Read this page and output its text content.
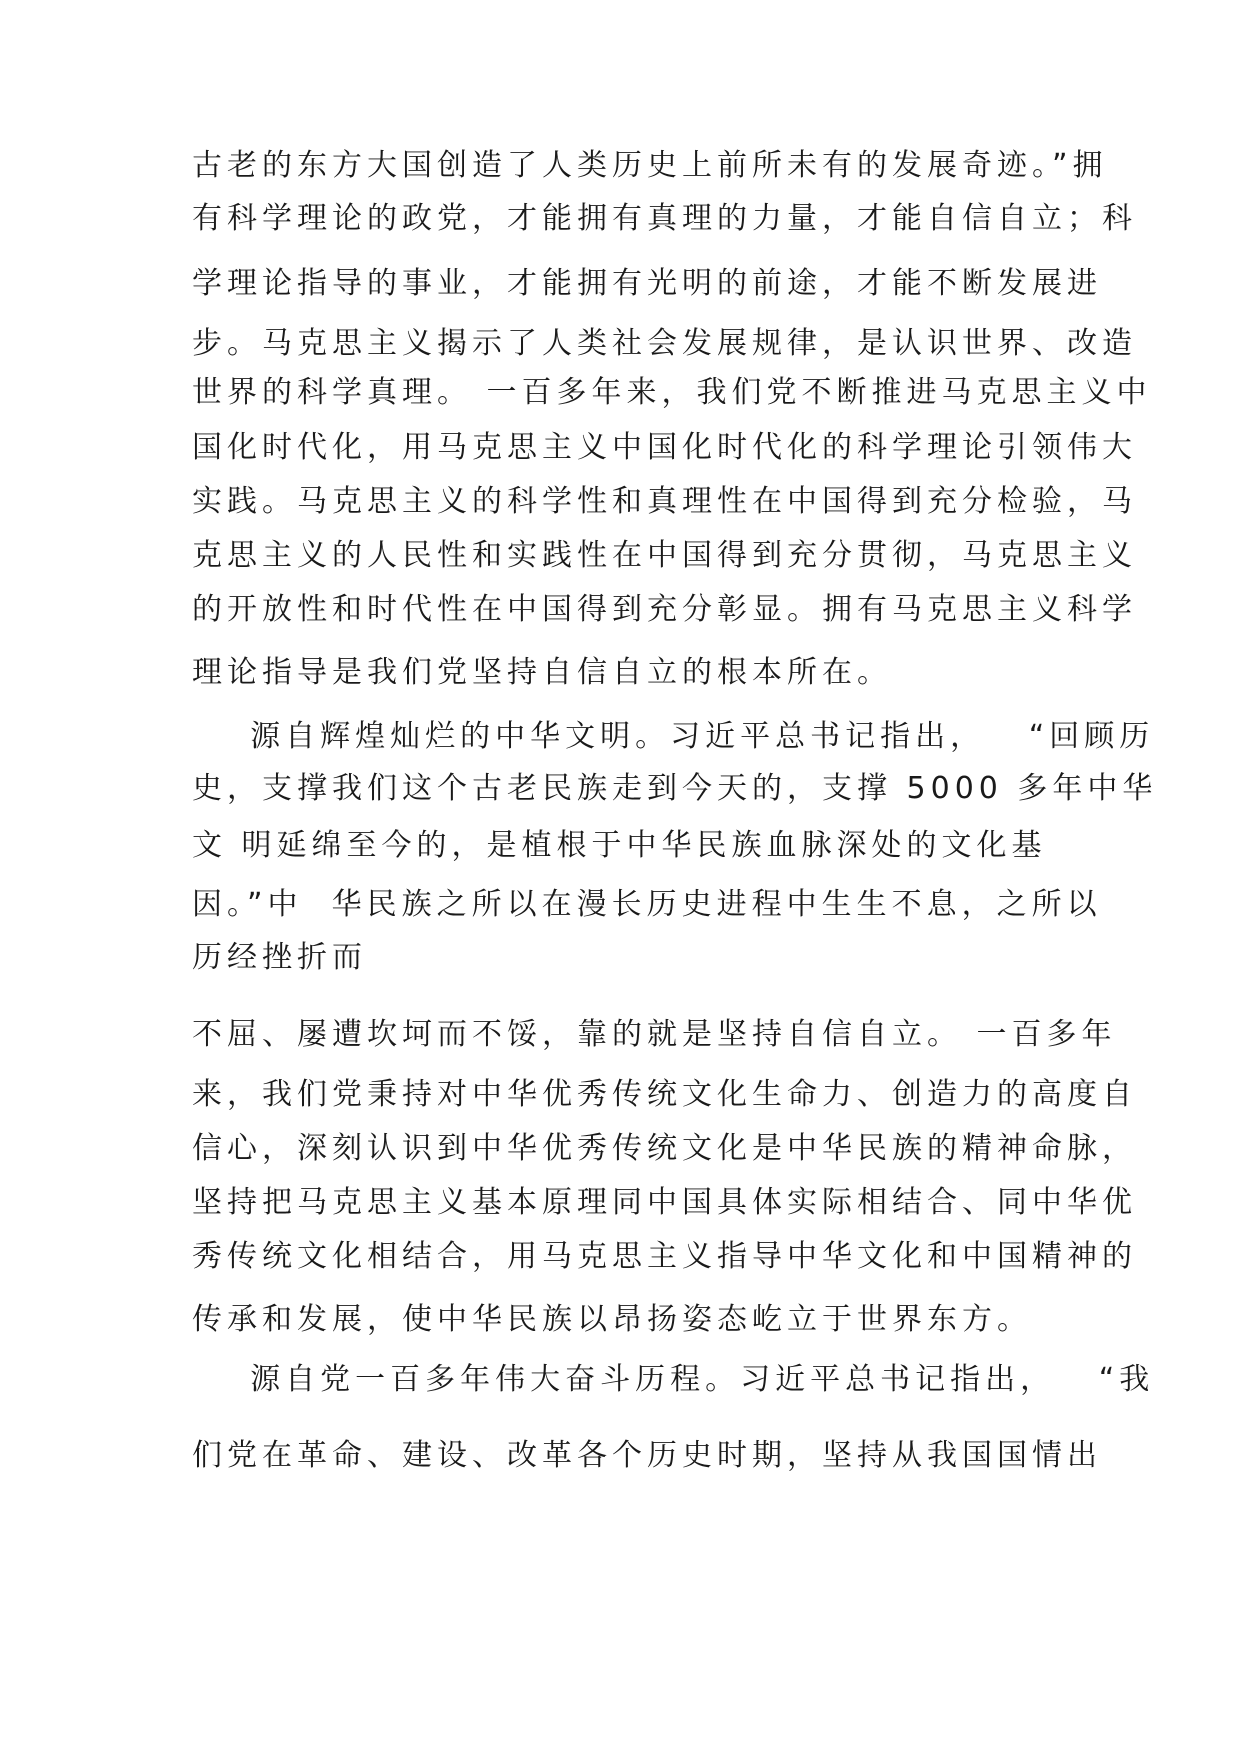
古老的东方大国创造了人类历史上前所未有的发展奇迹。”拥

有科学理论的政党，才能拥有真理的力量，才能自信自立；科

学理论指导的事业，才能拥有光明的前途，才能不断发展进

步。马克思主义揭示了人类社会发展规律，是认识世界、改造

世界的科学真理。 一百多年来，我们党不断推进马克思主义中

国化时代化，用马克思主义中国化时代化的科学理论引领伟大

实践。马克思主义的科学性和真理性在中国得到充分检验，马

克思主义的人民性和实践性在中国得到充分贯彻，马克思主义

的开放性和时代性在中国得到充分彰显。拥有马克思主义科学

理论指导是我们党坚持自信自立的根本所在。

源自辉煌灿烂的中华文明。习近平总书记指出，   “回顾历

史，支撑我们这个古老民族走到今天的，支撑 5000 多年中华

文 明延绵至今的，是植根于中华民族血脉深处的文化基

因。”中  华民族之所以在漫长历史进程中生生不息，之所以

历经挫折而

不屈、屡遭坎坷而不馁，靠的就是坚持自信自立。 一百多年

来，我们党秉持对中华优秀传统文化生命力、创造力的高度自

信心，深刻认识到中华优秀传统文化是中华民族的精神命脉，

坚持把马克思主义基本原理同中国具体实际相结合、同中华优

秀传统文化相结合，用马克思主义指导中华文化和中国精神的

传承和发展，使中华民族以昂扬姿态屹立于世界东方。

源自党一百多年伟大奋斗历程。习近平总书记指出，   “我

们党在革命、建设、改革各个历史时期，坚持从我国国情出
